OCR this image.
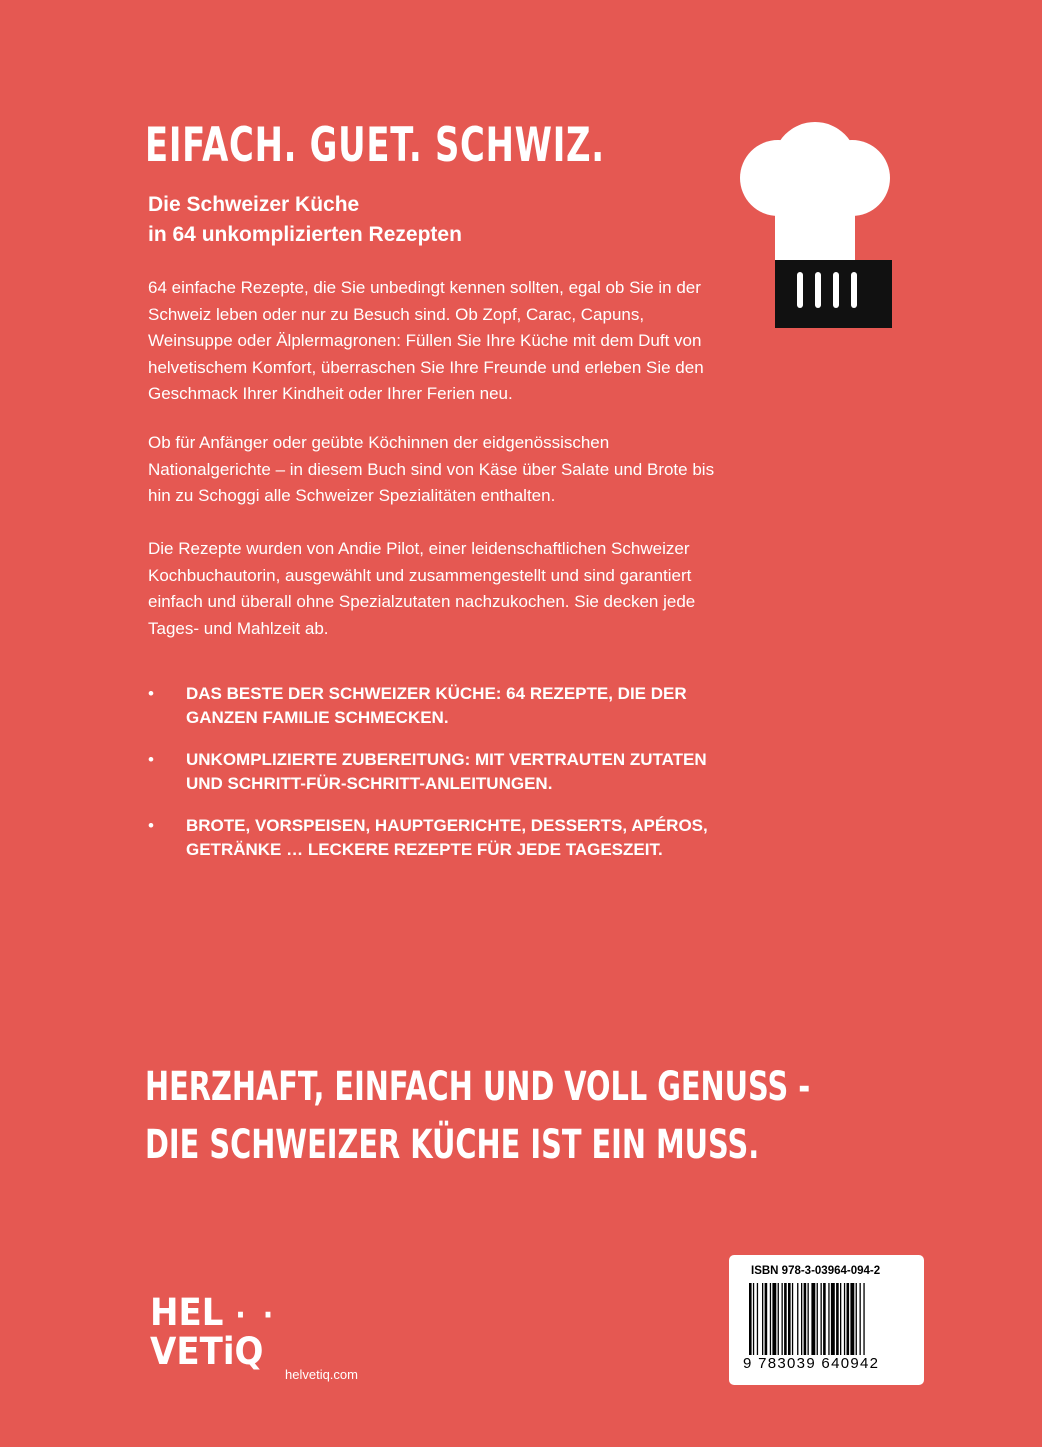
EIFACH. GUET. SCHWIZ.
Die Schweizer Küche
in 64 unkomplizierten Rezepten

64 einfache Rezepte, die Sie unbedingt kennen sollten, egal ob Sie in der Schweiz leben oder nur zu Besuch sind. Ob Zopf, Carac, Capuns, Weinsuppe oder Älplermagronen: Füllen Sie Ihre Küche mit dem Duft von helvetischem Komfort, überraschen Sie Ihre Freunde und erleben Sie den Geschmack Ihrer Kindheit oder Ihrer Ferien neu.

Ob für Anfänger oder geübte Köchinnen der eidgenössischen Nationalgerichte – in diesem Buch sind von Käse über Salate und Brote bis hin zu Schoggi alle Schweizer Spezialitäten enthalten.

Die Rezepte wurden von Andie Pilot, einer leidenschaftlichen Schweizer Kochbuchautorin, ausgewählt und zusammengestellt und sind garantiert einfach und überall ohne Spezialzutaten nachzukochen. Sie decken jede Tages- und Mahlzeit ab.

• DAS BESTE DER SCHWEIZER KÜCHE: 64 REZEPTE, DIE DER GANZEN FAMILIE SCHMECKEN.
• UNKOMPLIZIERTE ZUBEREITUNG: MIT VERTRAUTEN ZUTATEN UND SCHRITT-FÜR-SCHRITT-ANLEITUNGEN.
• BROTE, VORSPEISEN, HAUPTGERICHTE, DESSERTS, APÉROS, GETRÄNKE … LECKERE REZEPTE FÜR JEDE TAGESZEIT.
HERZHAFT, EINFACH UND VOLL GENUSS -
DIE SCHWEIZER KÜCHE IST EIN MUSS.
HEL · ·
VETiQ
helvetiq.com
ISBN 978-3-03964-094-2
9 783039 640942
